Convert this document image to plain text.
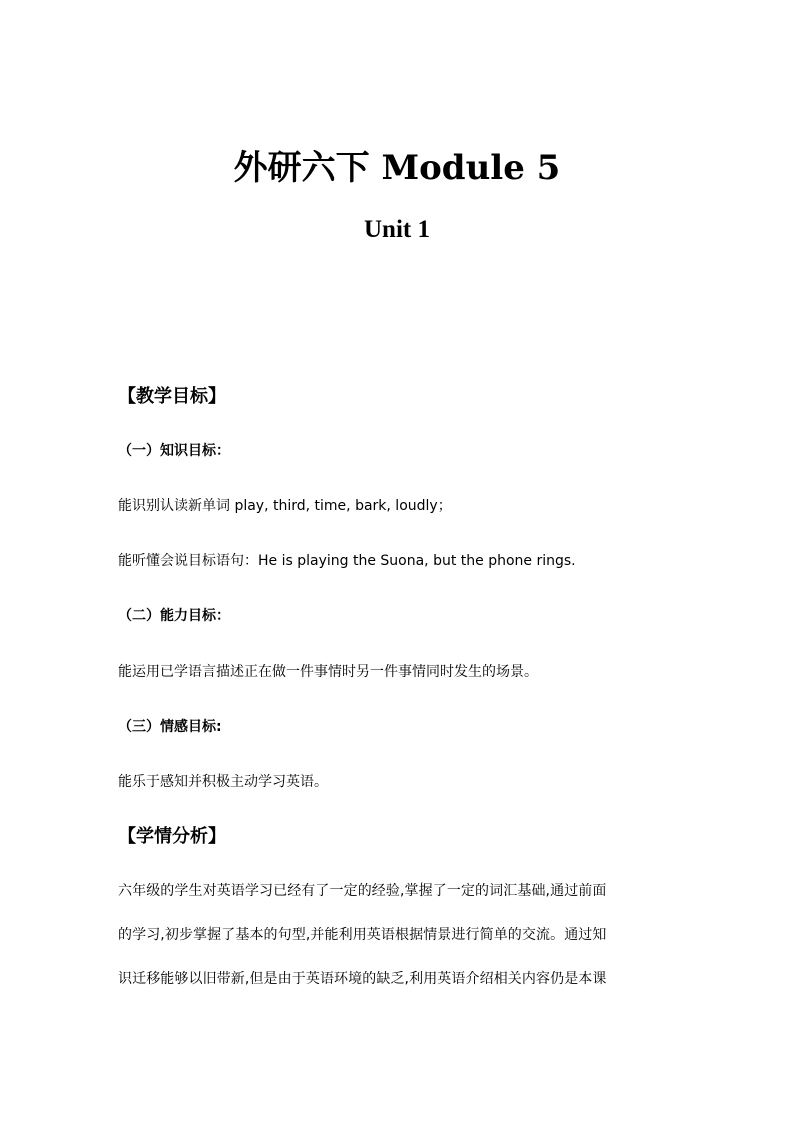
外研六下 Module 5
Unit 1
【教学目标】
（一）知识目标：
能识别认读新单词 play, third, time, bark, loudly；
能听懂会说目标语句：He is playing the Suona, but the phone rings.
（二）能力目标：
能运用已学语言描述正在做一件事情时另一件事情同时发生的场景。
（三）情感目标:
能乐于感知并积极主动学习英语。
【学情分析】
六年级的学生对英语学习已经有了一定的经验,掌握了一定的词汇基础,通过前面
的学习,初步掌握了基本的句型,并能利用英语根据情景进行简单的交流。通过知
识迁移能够以旧带新,但是由于英语环境的缺乏,利用英语介绍相关内容仍是本课
